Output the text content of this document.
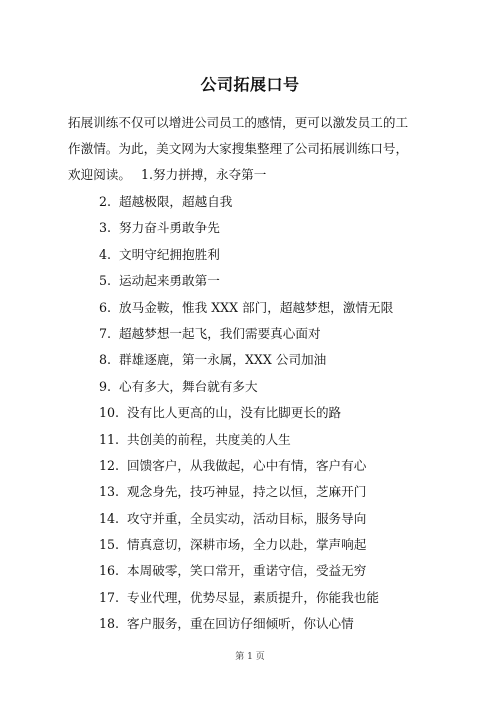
公司拓展口号

拓展训练不仅可以增进公司员工的感情，更可以激发员工的工

作激情。为此，美文网为大家搜集整理了公司拓展训练口号，

欢迎阅读。 1.努力拼搏，永夺第一

2. 超越极限，超越自我
3. 努力奋斗勇敢争先
4. 文明守纪拥抱胜利
5. 运动起来勇敢第一
6. 放马金鞍，惟我 XXX 部门，超越梦想，激情无限
7. 超越梦想一起飞，我们需要真心面对
8. 群雄逐鹿，第一永属，XXX 公司加油
9. 心有多大，舞台就有多大
10. 没有比人更高的山，没有比脚更长的路
11. 共创美的前程，共度美的人生
12. 回馈客户，从我做起，心中有情，客户有心
13. 观念身先，技巧神显，持之以恒，芝麻开门
14. 攻守并重，全员实动，活动目标，服务导向
15. 情真意切，深耕市场，全力以赴，掌声响起
16. 本周破零，笑口常开，重诺守信，受益无穷
17. 专业代理，优势尽显，素质提升，你能我也能
18. 客户服务，重在回访仔细倾听，你认心情
第 1 页
